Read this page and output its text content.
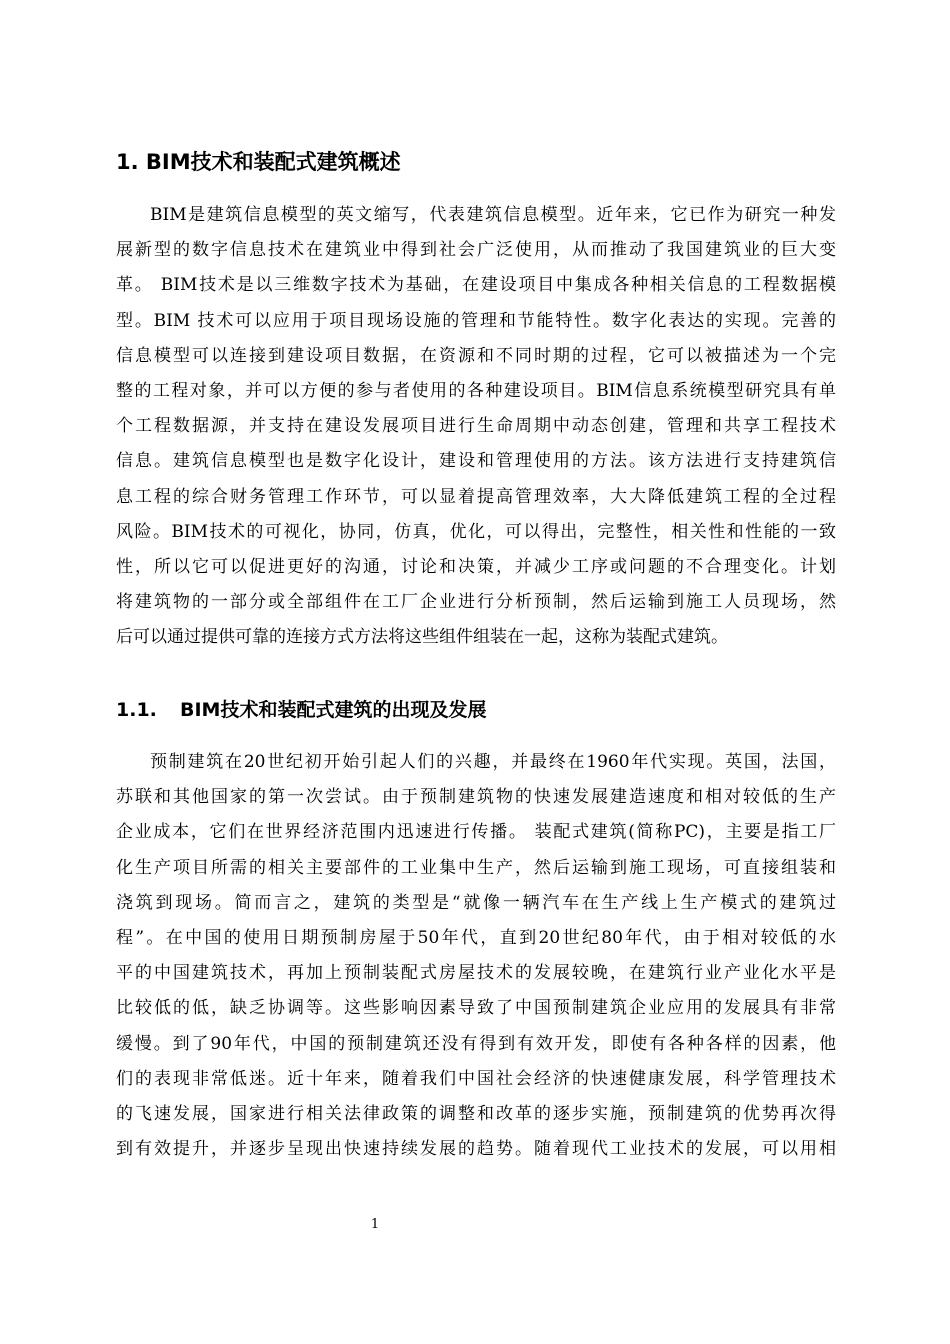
1. BIM技术和装配式建筑概述
BIM是建筑信息模型的英文缩写，代表建筑信息模型。近年来，它已作为研究一种发
展新型的数字信息技术在建筑业中得到社会广泛使用，从而推动了我国建筑业的巨大变
革。 BIM技术是以三维数字技术为基础，在建设项目中集成各种相关信息的工程数据模
型。BIM 技术可以应用于项目现场设施的管理和节能特性。数字化表达的实现。完善的
信息模型可以连接到建设项目数据，在资源和不同时期的过程，它可以被描述为一个完
整的工程对象，并可以方便的参与者使用的各种建设项目。BIM信息系统模型研究具有单
个工程数据源，并支持在建设发展项目进行生命周期中动态创建，管理和共享工程技术
信息。建筑信息模型也是数字化设计，建设和管理使用的方法。该方法进行支持建筑信
息工程的综合财务管理工作环节，可以显着提高管理效率，大大降低建筑工程的全过程
风险。BIM技术的可视化，协同，仿真，优化，可以得出，完整性，相关性和性能的一致
性，所以它可以促进更好的沟通，讨论和决策，并减少工序或问题的不合理变化。计划
将建筑物的一部分或全部组件在工厂企业进行分析预制，然后运输到施工人员现场，然
后可以通过提供可靠的连接方式方法将这些组件组装在一起，这称为装配式建筑。
1.1. BIM技术和装配式建筑的出现及发展
预制建筑在20世纪初开始引起人们的兴趣，并最终在1960年代实现。英国，法国，
苏联和其他国家的第一次尝试。由于预制建筑物的快速发展建造速度和相对较低的生产
企业成本，它们在世界经济范围内迅速进行传播。 装配式建筑(简称PC)，主要是指工厂
化生产项目所需的相关主要部件的工业集中生产，然后运输到施工现场，可直接组装和
浇筑到现场。简而言之，建筑的类型是“就像一辆汽车在生产线上生产模式的建筑过
程”。在中国的使用日期预制房屋于50年代，直到20世纪80年代，由于相对较低的水
平的中国建筑技术，再加上预制装配式房屋技术的发展较晚，在建筑行业产业化水平是
比较低的低，缺乏协调等。这些影响因素导致了中国预制建筑企业应用的发展具有非常
缓慢。到了90年代，中国的预制建筑还没有得到有效开发，即使有各种各样的因素，他
们的表现非常低迷。近十年来，随着我们中国社会经济的快速健康发展，科学管理技术
的飞速发展，国家进行相关法律政策的调整和改革的逐步实施，预制建筑的优势再次得
到有效提升，并逐步呈现出快速持续发展的趋势。随着现代工业技术的发展，可以用相
1
